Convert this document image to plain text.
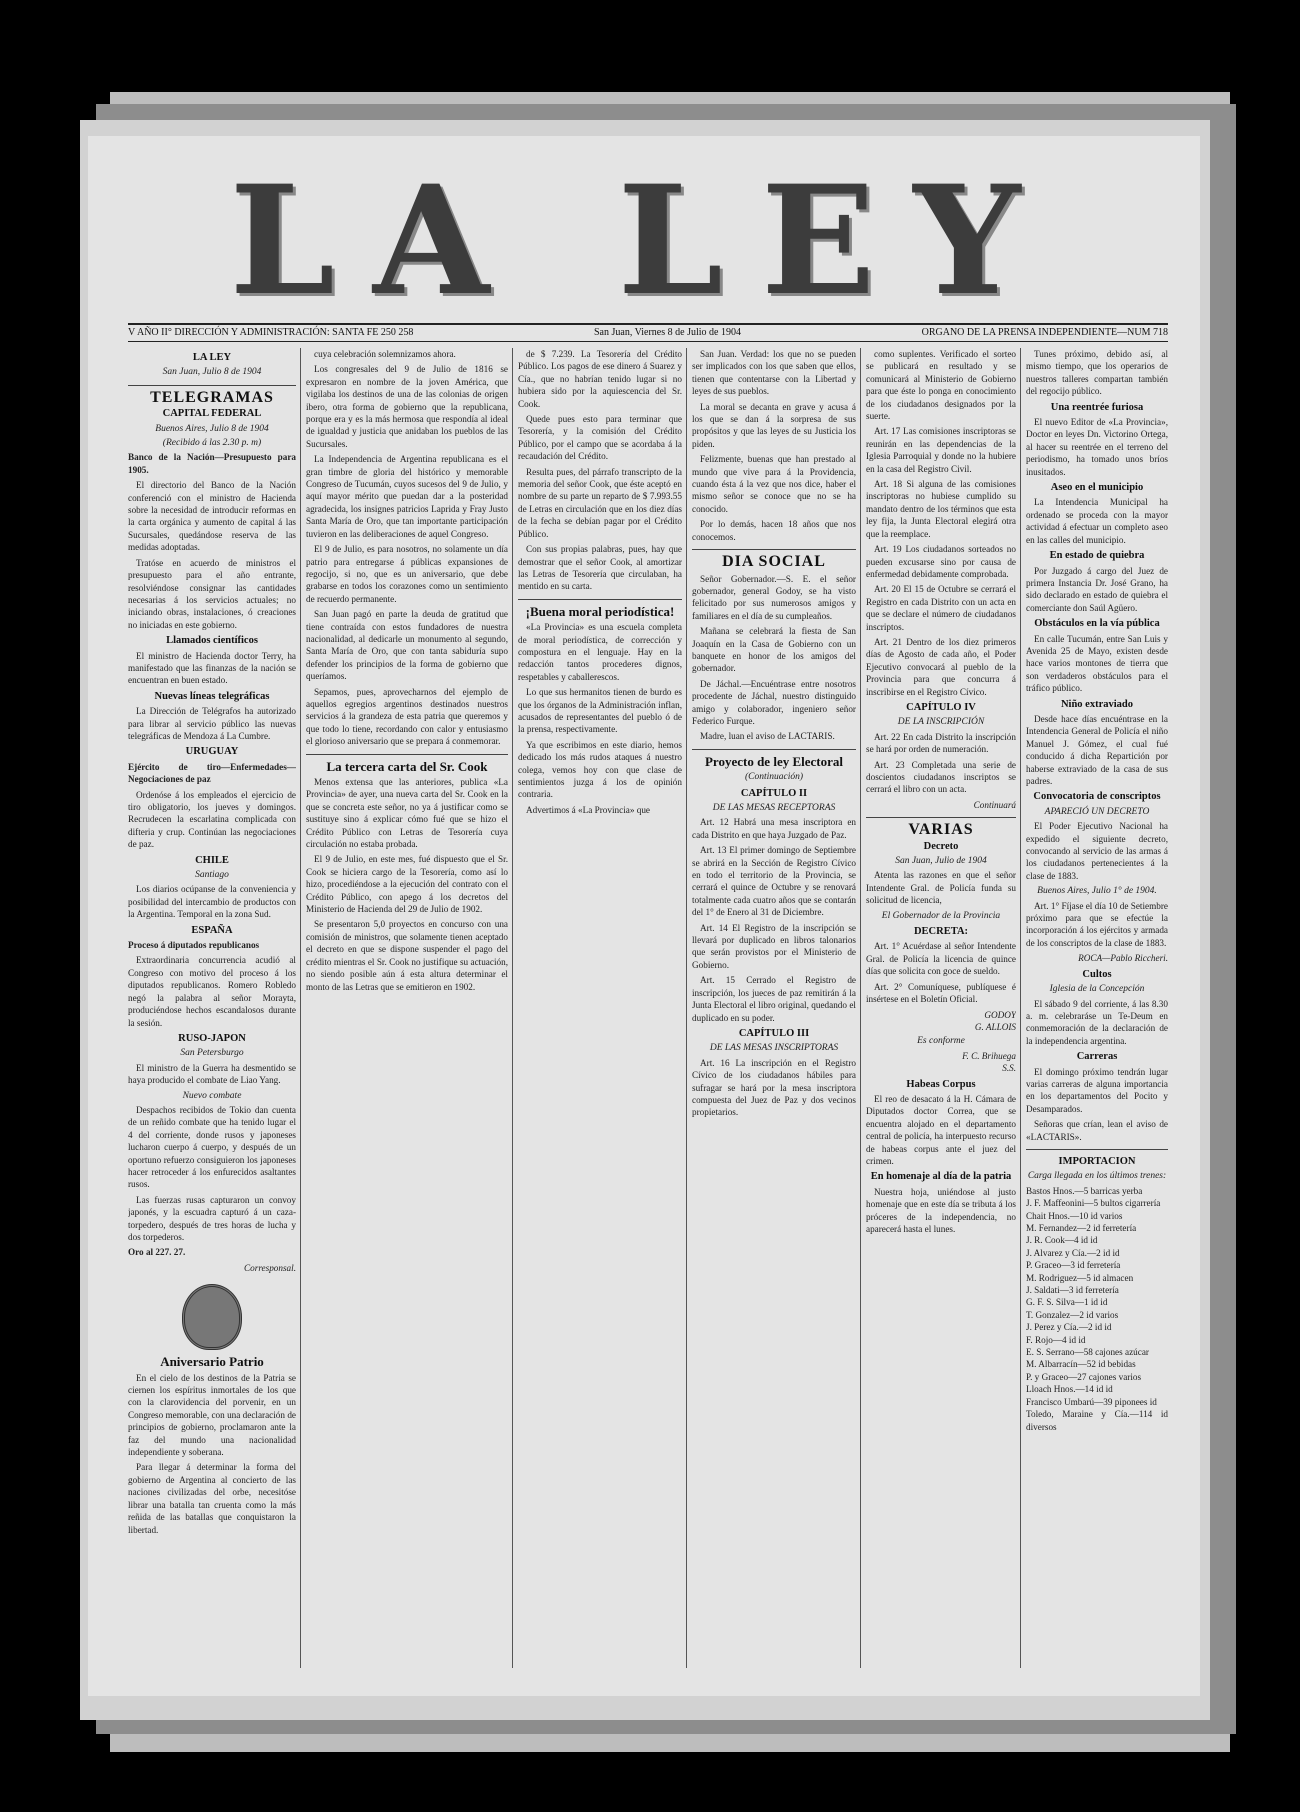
LA LEY
V AÑO II° DIRECCIÓN Y ADMINISTRACIÓN: SANTA FE 250 258	San Juan, Viernes 8 de Julio de 1904	ORGANO DE LA PRENSA INDEPENDIENTE—NUM 718
LA LEY
San Juan, Julio 8 de 1904
TELEGRAMAS
CAPITAL FEDERAL
Buenos Aires, Julio 8 de 1904
(Recibido á las 2.30 p. m)

Banco de la Nación—Presupuesto para 1905.

El directorio del Banco de la Nación conferenció con el ministro de Hacienda sobre la necesidad de introducir reformas en la carta orgánica y aumento de capital á las Sucursales, quedándose reserva de las medidas adoptadas.

Tratóse en acuerdo de ministros el presupuesto para el año entrante, resolviéndose consignar las cantidades necesarias á los servicios actuales; no iniciando obras, instalaciones, ó creaciones no iniciadas en este gobierno.

Llamados científicos

El ministro de Hacienda doctor Terry, ha manifestado que las finanzas de la nación se encuentran en buen estado.

Nuevas líneas telegráficas

La Dirección de Telégrafos ha autorizado para librar al servicio público las nuevas telegráficas de Mendoza á La Cumbre.

URUGUAY

Ejército de tiro—Enfermedades—Negociaciones de paz

Ordenóse á los empleados el ejercicio de tiro obligatorio, los jueves y domingos. Recrudecen la escarlatina complicada con difteria y crup. Continúan las negociaciones de paz.

CHILE
Santiago

Los diarios ocúpanse de la conveniencia y posibilidad del intercambio de productos con la Argentina. Temporal en la zona Sud.

ESPAÑA

Proceso á diputados republicanos

Extraordinaria concurrencia acudió al Congreso con motivo del proceso á los diputados republicanos. Romero Robledo negó la palabra al señor Morayta, produciéndose hechos escandalosos durante la sesión.

RUSO-JAPON
San Petersburgo

El ministro de la Guerra ha desmentido se haya producido el combate de Liao Yang.

Nuevo combate

Despachos recibidos de Tokio dan cuenta de un reñido combate que ha tenido lugar el 4 del corriente, donde rusos y japoneses lucharon cuerpo á cuerpo, y después de un oportuno refuerzo consiguieron los japoneses hacer retroceder á los enfurecidos asaltantes rusos.

Las fuerzas rusas capturaron un convoy japonés, y la escuadra capturó á un caza-torpedero, después de tres horas de lucha y dos torpederos.

Oro al 227. 27.

Corresponsal.
Aniversario Patrio

En el cielo de los destinos de la Patria se ciernen los espíritus inmortales de los que con la clarovidencia del porvenir, en un Congreso memorable, con una declaración de principios de gobierno, proclamaron ante la faz del mundo una nacionalidad independiente y soberana.

Para llegar á determinar la forma del gobierno de Argentina al concierto de las naciones civilizadas del orbe, necesitóse librar una batalla tan cruenta como la más reñida de las batallas que conquistaron la libertad.

cuya celebración solemnizamos ahora.

Los congresales del 9 de Julio de 1816 se expresaron en nombre de la joven América, que vigilaba los destinos de una de las colonias de origen ibero, otra forma de gobierno que la republicana, porque era y es la más hermosa que respondía al ideal de igualdad y justicia que anidaban los pueblos de las Sucursales.

La Independencia de Argentina republicana es el gran timbre de gloria del histórico y memorable Congreso de Tucumán, cuyos sucesos del 9 de Julio, y aquí mayor mérito que puedan dar a la posteridad agradecida, los insignes patricios Laprida y Fray Justo Santa María de Oro, que tan importante participación tuvieron en las deliberaciones de aquel Congreso.

El 9 de Julio, es para nosotros, no solamente un día patrio para entregarse á públicas expansiones de regocijo, si no, que es un aniversario, que debe grabarse en todos los corazones como un sentimiento de recuerdo permanente.

San Juan pagó en parte la deuda de gratitud que tiene contraída con estos fundadores de nuestra nacionalidad, al dedicarle un monumento al segundo, Santa María de Oro, que con tanta sabiduría supo defender los principios de la forma de gobierno que queríamos.

Sepamos, pues, aprovecharnos del ejemplo de aquellos egregios argentinos destinados nuestros servicios á la grandeza de esta patria que queremos y que todo lo tiene, recordando con calor y entusiasmo el glorioso aniversario que se prepara á conmemorar.

La tercera carta del Sr. Cook

Menos extensa que las anteriores, publica «La Provincia» de ayer, una nueva carta del Sr. Cook en la que se concreta este señor, no ya á justificar como se sustituye sino á explicar cómo fué que se hizo el Crédito Público con Letras de Tesorería cuya circulación no estaba probada.

El 9 de Julio, en este mes, fué dispuesto que el Sr. Cook se hiciera cargo de la Tesorería, como así lo hizo, procediéndose a la ejecución del contrato con el Crédito Público, con apego á los decretos del Ministerio de Hacienda del 29 de Julio de 1902.

Se presentaron 5,0 proyectos en concurso con una comisión de ministros, que solamente tienen aceptado el decreto en que se dispone suspender el pago del crédito mientras el Sr. Cook no justifique su actuación, no siendo posible aún á esta altura determinar el monto de las Letras que se emitieron en 1902.

de $ 7.239. La Tesorería del Crédito Público. Los pagos de ese dinero á Suarez y Cía., que no habrían tenido lugar si no hubiera sido por la aquiescencia del Sr. Cook.

Quede pues esto para terminar que Tesorería, y la comisión del Crédito Público, por el campo que se acordaba á la recaudación del Crédito.

Resulta pues, del párrafo transcripto de la memoria del señor Cook, que éste aceptó en nombre de su parte un reparto de $ 7.993.55 de Letras en circulación que en los diez días de la fecha se debían pagar por el Crédito Público.

Con sus propias palabras, pues, hay que demostrar que el señor Cook, al amortizar las Letras de Tesorería que circulaban, ha mentido en su carta.

¡Buena moral periodística!

«La Provincia» es una escuela completa de moral periodística, de corrección y compostura en el lenguaje. Hay en la redacción tantos procederes dignos, respetables y caballerescos.

Lo que sus hermanitos tienen de burdo es que los órganos de la Administración inflan, acusados de representantes del pueblo ó de la prensa, respectivamente.

Ya que escribimos en este diario, hemos dedicado los más rudos ataques á nuestro colega, vemos hoy con que clase de sentimientos juzga á los de opinión contraria.

Advertimos á «La Provincia» que

San Juan. Verdad: los que no se pueden ser implicados con los que saben que ellos, tienen que contentarse con la Libertad y leyes de sus pueblos.

La moral se decanta en grave y acusa á los que se dan á la sorpresa de sus propósitos y que las leyes de su Justicia los piden.

Felizmente, buenas que han prestado al mundo que vive para á la Providencia, cuando ésta á la vez que nos dice, haber el mismo señor se conoce que no se ha conocido.

Por lo demás, hacen 18 años que nos conocemos.

DIA SOCIAL

Señor Gobernador.—S. E. el señor gobernador, general Godoy, se ha visto felicitado por sus numerosos amigos y familiares en el día de su cumpleaños.

Mañana se celebrará la fiesta de San Joaquín en la Casa de Gobierno con un banquete en honor de los amigos del gobernador.

De Jáchal.—Encuéntrase entre nosotros procedente de Jáchal, nuestro distinguido amigo y colaborador, ingeniero señor Federico Furque.

Madre, luan el aviso de LACTARIS.

Proyecto de ley Electoral
(Continuación)
CAPÍTULO II
DE LAS MESAS RECEPTORAS

Art. 12 Habrá una mesa inscriptora en cada Distrito en que haya Juzgado de Paz.

Art. 13 El primer domingo de Septiembre se abrirá en la Sección de Registro Cívico en todo el territorio de la Provincia, se cerrará el quince de Octubre y se renovará totalmente cada cuatro años que se contarán del 1° de Enero al 31 de Diciembre.

Art. 14 El Registro de la inscripción se llevará por duplicado en libros talonarios que serán provistos por el Ministerio de Gobierno.

Art. 15 Cerrado el Registro de inscripción, los jueces de paz remitirán á la Junta Electoral el libro original, quedando el duplicado en su poder.

CAPÍTULO III
DE LAS MESAS INSCRIPTORAS

Art. 16 La inscripción en el Registro Cívico de los ciudadanos hábiles para sufragar se hará por la mesa inscriptora compuesta del Juez de Paz y dos vecinos propietarios.

como suplentes. Verificado el sorteo se publicará en resultado y se comunicará al Ministerio de Gobierno para que éste lo ponga en conocimiento de los ciudadanos designados por la suerte.

Art. 17 Las comisiones inscriptoras se reunirán en las dependencias de la Iglesia Parroquial y donde no la hubiere en la casa del Registro Civil.

Art. 18 Si alguna de las comisiones inscriptoras no hubiese cumplido su mandato dentro de los términos que esta ley fija, la Junta Electoral elegirá otra que la reemplace.

Art. 19 Los ciudadanos sorteados no pueden excusarse sino por causa de enfermedad debidamente comprobada.

Art. 20 El 15 de Octubre se cerrará el Registro en cada Distrito con un acta en que se declare el número de ciudadanos inscriptos.

Art. 21 Dentro de los diez primeros días de Agosto de cada año, el Poder Ejecutivo convocará al pueblo de la Provincia para que concurra á inscribirse en el Registro Cívico.

CAPÍTULO IV
DE LA INSCRIPCIÓN

Art. 22 En cada Distrito la inscripción se hará por orden de numeración.

Art. 23 Completada una serie de doscientos ciudadanos inscriptos se cerrará el libro con un acta.

Continuará
VARIAS
Decreto
San Juan, Julio de 1904

Atenta las razones en que el señor Intendente Gral. de Policía funda su solicitud de licencia,

El Gobernador de la Provincia
DECRETA:

Art. 1° Acuérdase al señor Intendente Gral. de Policía la licencia de quince días que solicita con goce de sueldo.

Art. 2° Comuníquese, publíquese é insértese en el Boletín Oficial.

GODOY
G. ALLOIS
Es conforme
F. C. Brihuega
S.S.
Habeas Corpus

El reo de desacato á la H. Cámara de Diputados doctor Correa, que se encuentra alojado en el departamento central de policía, ha interpuesto recurso de habeas corpus ante el juez del crimen.

En homenaje al día de la patria

Nuestra hoja, uniéndose al justo homenaje que en este día se tributa á los próceres de la independencia, no aparecerá hasta el lunes.

Tunes próximo, debido así, al mismo tiempo, que los operarios de nuestros talleres compartan también del regocijo público.

Una reentrée furiosa

El nuevo Editor de «La Provincia», Doctor en leyes Dn. Victorino Ortega, al hacer su reentrée en el terreno del periodismo, ha tomado unos bríos inusitados.

Aseo en el municipio

La Intendencia Municipal ha ordenado se proceda con la mayor actividad á efectuar un completo aseo en las calles del municipio.

En estado de quiebra

Por Juzgado á cargo del Juez de primera Instancia Dr. José Grano, ha sido declarado en estado de quiebra el comerciante don Saúl Agüero.

Obstáculos en la vía pública

En calle Tucumán, entre San Luis y Avenida 25 de Mayo, existen desde hace varios montones de tierra que son verdaderos obstáculos para el tráfico público.

Niño extraviado

Desde hace días encuéntrase en la Intendencia General de Policía el niño Manuel J. Gómez, el cual fué conducido á dicha Repartición por haberse extraviado de la casa de sus padres.

Convocatoria de conscriptos
APARECIÓ UN DECRETO

El Poder Ejecutivo Nacional ha expedido el siguiente decreto, convocando al servicio de las armas á los ciudadanos pertenecientes á la clase de 1883.

Buenos Aires, Julio 1° de 1904.

Art. 1° Fíjase el día 10 de Setiembre próximo para que se efectúe la incorporación á los ejércitos y armada de los conscriptos de la clase de 1883.

ROCA—Pablo Riccheri.
Cultos
Iglesia de la Concepción

El sábado 9 del corriente, á las 8.30 a. m. celebraráse un Te-Deum en conmemoración de la declaración de la independencia argentina.

Carreras

El domingo próximo tendrán lugar varias carreras de alguna importancia en los departamentos del Pocito y Desamparados.

Señoras que crían, lean el aviso de «LACTARIS».

IMPORTACION
Carga llegada en los últimos trenes:
Bastos Hnos.—5 barricas yerba
J. F. Maffeonini—5 bultos cigarrería
Chait Hnos.—10 id varios
M. Fernandez—2 id ferretería
J. R. Cook—4 id id
J. Alvarez y Cía.—2 id id
P. Graceo—3 id ferretería
M. Rodriguez—5 id almacen
J. Saldati—3 id ferretería
G. F. S. Silva—1 id id
T. Gonzalez—2 id varios
J. Perez y Cía.—2 id id
F. Rojo—4 id id
E. S. Serrano—58 cajones azúcar
M. Albarracín—52 id bebidas
P. y Graceo—27 cajones varios
Lloach Hnos.—14 id id
Francisco Umbarú—39 piponees id
Toledo, Maraine y Cía.—114 id diversos
